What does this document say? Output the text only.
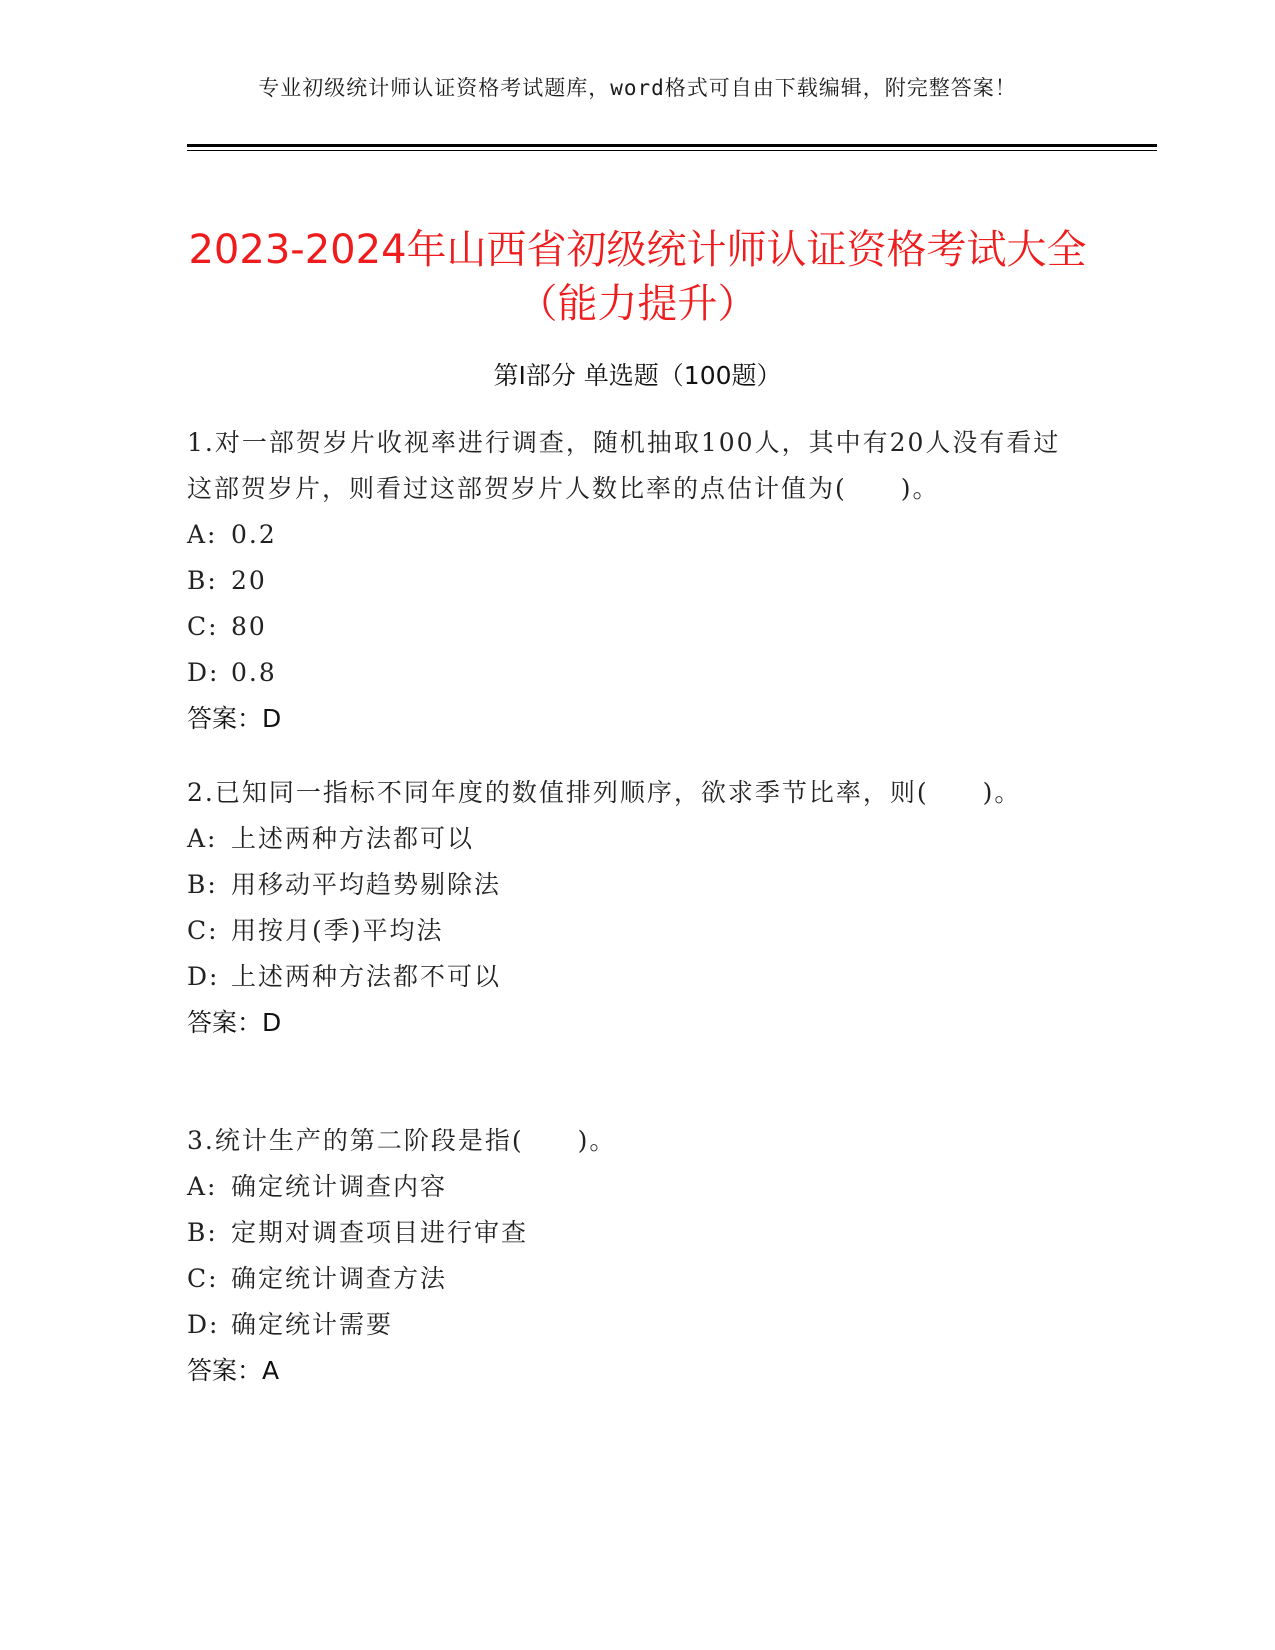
专业初级统计师认证资格考试题库，word格式可自由下载编辑，附完整答案！
2023-2024年山西省初级统计师认证资格考试大全（能力提升）
第Ⅰ部分 单选题（100题）

1.对一部贺岁片收视率进行调查，随机抽取100人，其中有20人没有看过这部贺岁片，则看过这部贺岁片人数比率的点估计值为(　　)。

A: 0.2
B: 20
C: 80
D: 0.8
答案：D

2.已知同一指标不同年度的数值排列顺序，欲求季节比率，则(　　)。

A: 上述两种方法都可以
B: 用移动平均趋势剔除法
C: 用按月(季)平均法
D: 上述两种方法都不可以
答案：D

3.统计生产的第二阶段是指(　　)。

A: 确定统计调查内容
B: 定期对调查项目进行审查
C: 确定统计调查方法
D: 确定统计需要
答案：A
